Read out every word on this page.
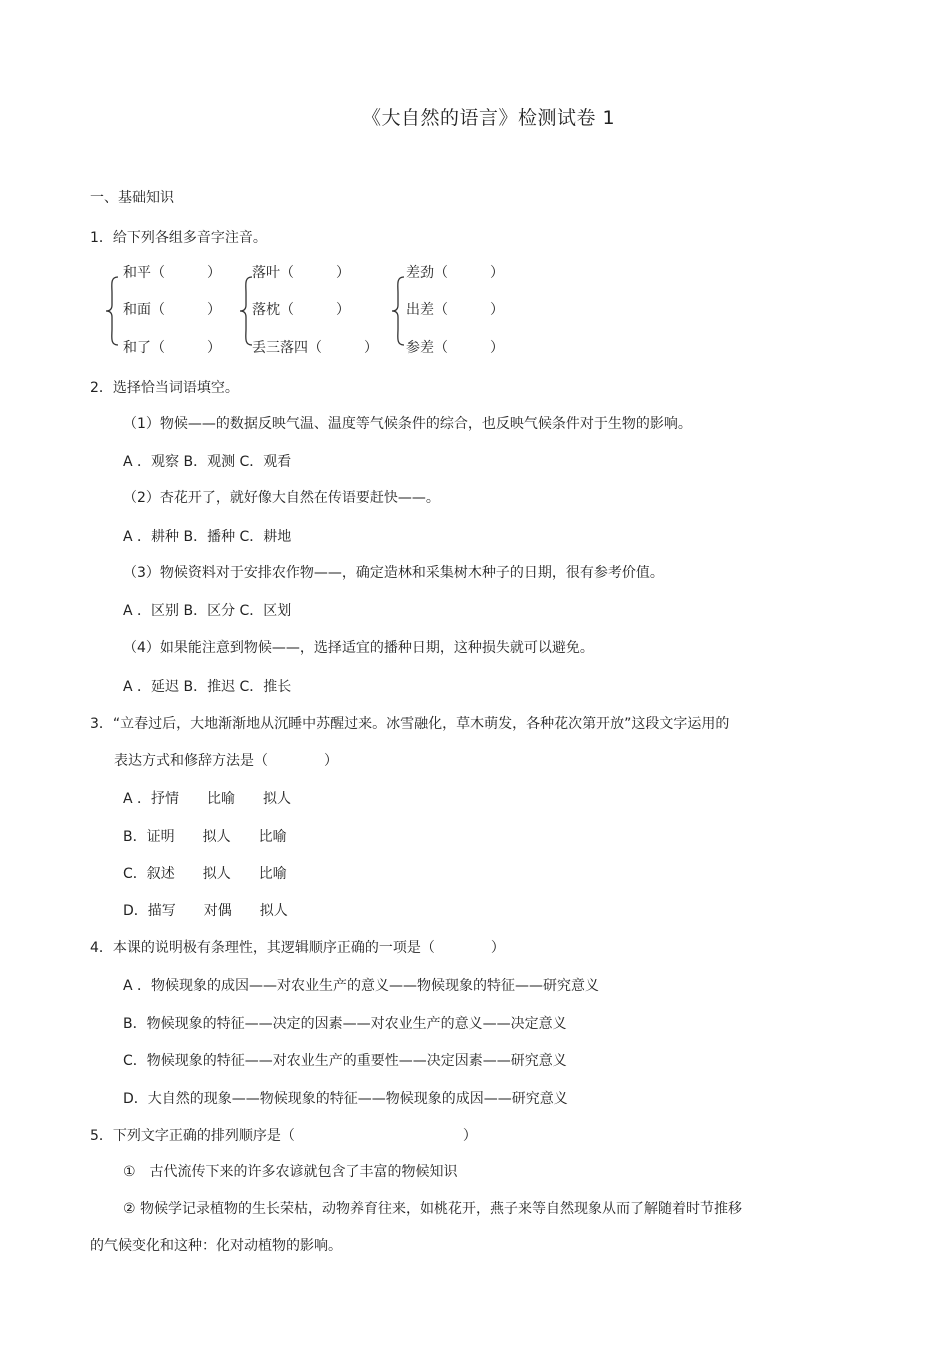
《大自然的语言》检测试卷 1
一、基础知识
1．给下列各组多音字注音。
和平（　　　）
和面（　　　）
和了（　　　）
落叶（　　　）
落枕（　　　）
丢三落四（　　　）
差劲（　　　）
出差（　　　）
参差（　　　）
2．选择恰当词语填空。
（1）物候——的数据反映气温、温度等气候条件的综合，也反映气候条件对于生物的影响。
A ．观察 B．观测 C．观看
（2）杏花开了，就好像大自然在传语要赶快——。
A ．耕种 B．播种 C．耕地
（3）物候资料对于安排农作物——，确定造林和采集树木种子的日期，很有参考价值。
A ．区别 B．区分 C．区划
（4）如果能注意到物候——，选择适宜的播种日期，这种损失就可以避免。
A ．延迟 B．推迟 C．推长
3．“立春过后，大地渐渐地从沉睡中苏醒过来。冰雪融化，草木萌发，各种花次第开放”这段文字运用的
表达方式和修辞方法是（　　　　）
A ．抒情　　比喻　　拟人
B．证明　　拟人　　比喻
C．叙述　　拟人　　比喻
D．描写　　对偶　　拟人
4．本课的说明极有条理性，其逻辑顺序正确的一项是（　　　　）
A ．物候现象的成因——对农业生产的意义——物候现象的特征——研究意义
B．物候现象的特征——决定的因素——对农业生产的意义——决定意义
C．物候现象的特征——对农业生产的重要性——决定因素——研究意义
D．大自然的现象——物候现象的特征——物候现象的成因——研究意义
5．下列文字正确的排列顺序是（　　　　　　　　　　　　）
①　古代流传下来的许多农谚就包含了丰富的物候知识
② 物候学记录植物的生长荣枯，动物养育往来，如桃花开，燕子来等自然现象从而了解随着时节推移
的气候变化和这种：化对动植物的影响。
